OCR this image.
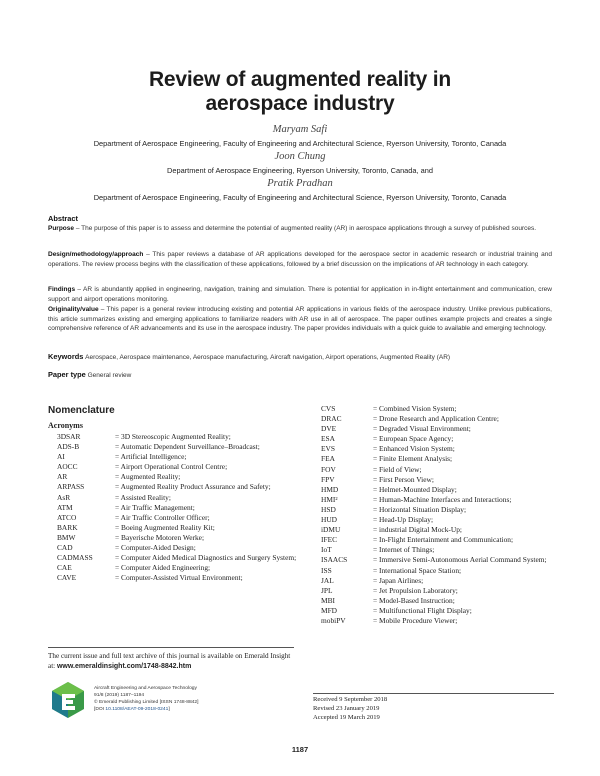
Review of augmented reality in
aerospace industry
Maryam Safi
Department of Aerospace Engineering, Faculty of Engineering and Architectural Science, Ryerson University, Toronto, Canada
Joon Chung
Department of Aerospace Engineering, Ryerson University, Toronto, Canada, and
Pratik Pradhan
Department of Aerospace Engineering, Faculty of Engineering and Architectural Science, Ryerson University, Toronto, Canada
Abstract
Purpose – The purpose of this paper is to assess and determine the potential of augmented reality (AR) in aerospace applications through a survey of published sources.
Design/methodology/approach – This paper reviews a database of AR applications developed for the aerospace sector in academic research or industrial training and operations. The review process begins with the classification of these applications, followed by a brief discussion on the implications of AR technology in each category.
Findings – AR is abundantly applied in engineering, navigation, training and simulation. There is potential for application in in-flight entertainment and communication, crew support and airport operations monitoring.
Originality/value – This paper is a general review introducing existing and potential AR applications in various fields of the aerospace industry. Unlike previous publications, this article summarizes existing and emerging applications to familiarize readers with AR use in all of aerospace. The paper outlines example projects and creates a single comprehensive reference of AR advancements and its use in the aerospace industry. The paper provides individuals with a quick guide to available and emerging technology.
Keywords Aerospace, Aerospace maintenance, Aerospace manufacturing, Aircraft navigation, Airport operations, Augmented Reality (AR)
Paper type General review
Nomenclature
Acronyms
3DSAR	= 3D Stereoscopic Augmented Reality;
ADS-B	= Automatic Dependent Surveillance–Broadcast;
AI	= Artificial Intelligence;
AOCC	= Airport Operational Control Centre;
AR	= Augmented Reality;
ARPASS	= Augmented Reality Product Assurance and Safety;
AsR	= Assisted Reality;
ATM	= Air Traffic Management;
ATCO	= Air Traffic Controller Officer;
BARK	= Boeing Augmented Reality Kit;
BMW	= Bayerische Motoren Werke;
CAD	= Computer-Aided Design;
CADMASS	= Computer Aided Medical Diagnostics and Surgery System;
CAE	= Computer Aided Engineering;
CAVE	= Computer-Assisted Virtual Environment;
CVS	= Combined Vision System;
DRAC	= Drone Research and Application Centre;
DVE	= Degraded Visual Environment;
ESA	= European Space Agency;
EVS	= Enhanced Vision System;
FEA	= Finite Element Analysis;
FOV	= Field of View;
FPV	= First Person View;
HMD	= Helmet-Mounted Display;
HMI²	= Human-Machine Interfaces and Interactions;
HSD	= Horizontal Situation Display;
HUD	= Head-Up Display;
iDMU	= industrial Digital Mock-Up;
IFEC	= In-Flight Entertainment and Communication;
IoT	= Internet of Things;
ISAACS	= Immersive Semi-Autonomous Aerial Command System;
ISS	= International Space Station;
JAL	= Japan Airlines;
JPL	= Jet Propulsion Laboratory;
MBI	= Model-Based Instruction;
MFD	= Multifunctional Flight Display;
mobiPV	= Mobile Procedure Viewer;
The current issue and full text archive of this journal is available on Emerald Insight at: www.emeraldinsight.com/1748-8842.htm
Aircraft Engineering and Aerospace Technology
91/8 (2019) 1187–1194
© Emerald Publishing Limited [ISSN 1748-8842]
[DOI 10.1108/AEAT-09-2018-0241]
Received 9 September 2018
Revised 23 January 2019
Accepted 19 March 2019
1187
